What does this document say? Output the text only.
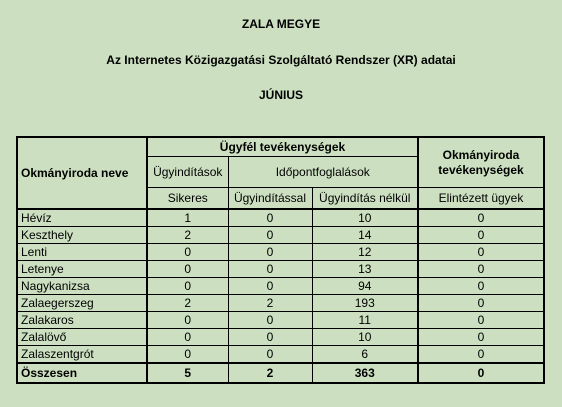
ZALA MEGYE
Az Internetes Közigazgatási Szolgáltató Rendszer (XR) adatai
JÚNIUS
Okmányiroda neve	Ügyfél tevékenységek			Okmányiroda tevékenységek
	Ügyindítások	Időpontfoglalások		
	Sikeres	Ügyindítással	Ügyindítás nélkül	Elintézett ügyek
Hévíz	1	0	10	0
Keszthely	2	0	14	0
Lenti	0	0	12	0
Letenye	0	0	13	0
Nagykanizsa	0	0	94	0
Zalaegerszeg	2	2	193	0
Zalakaros	0	0	11	0
Zalalövő	0	0	10	0
Zalaszentgrót	0	0	6	0
Összesen	5	2	363	0
